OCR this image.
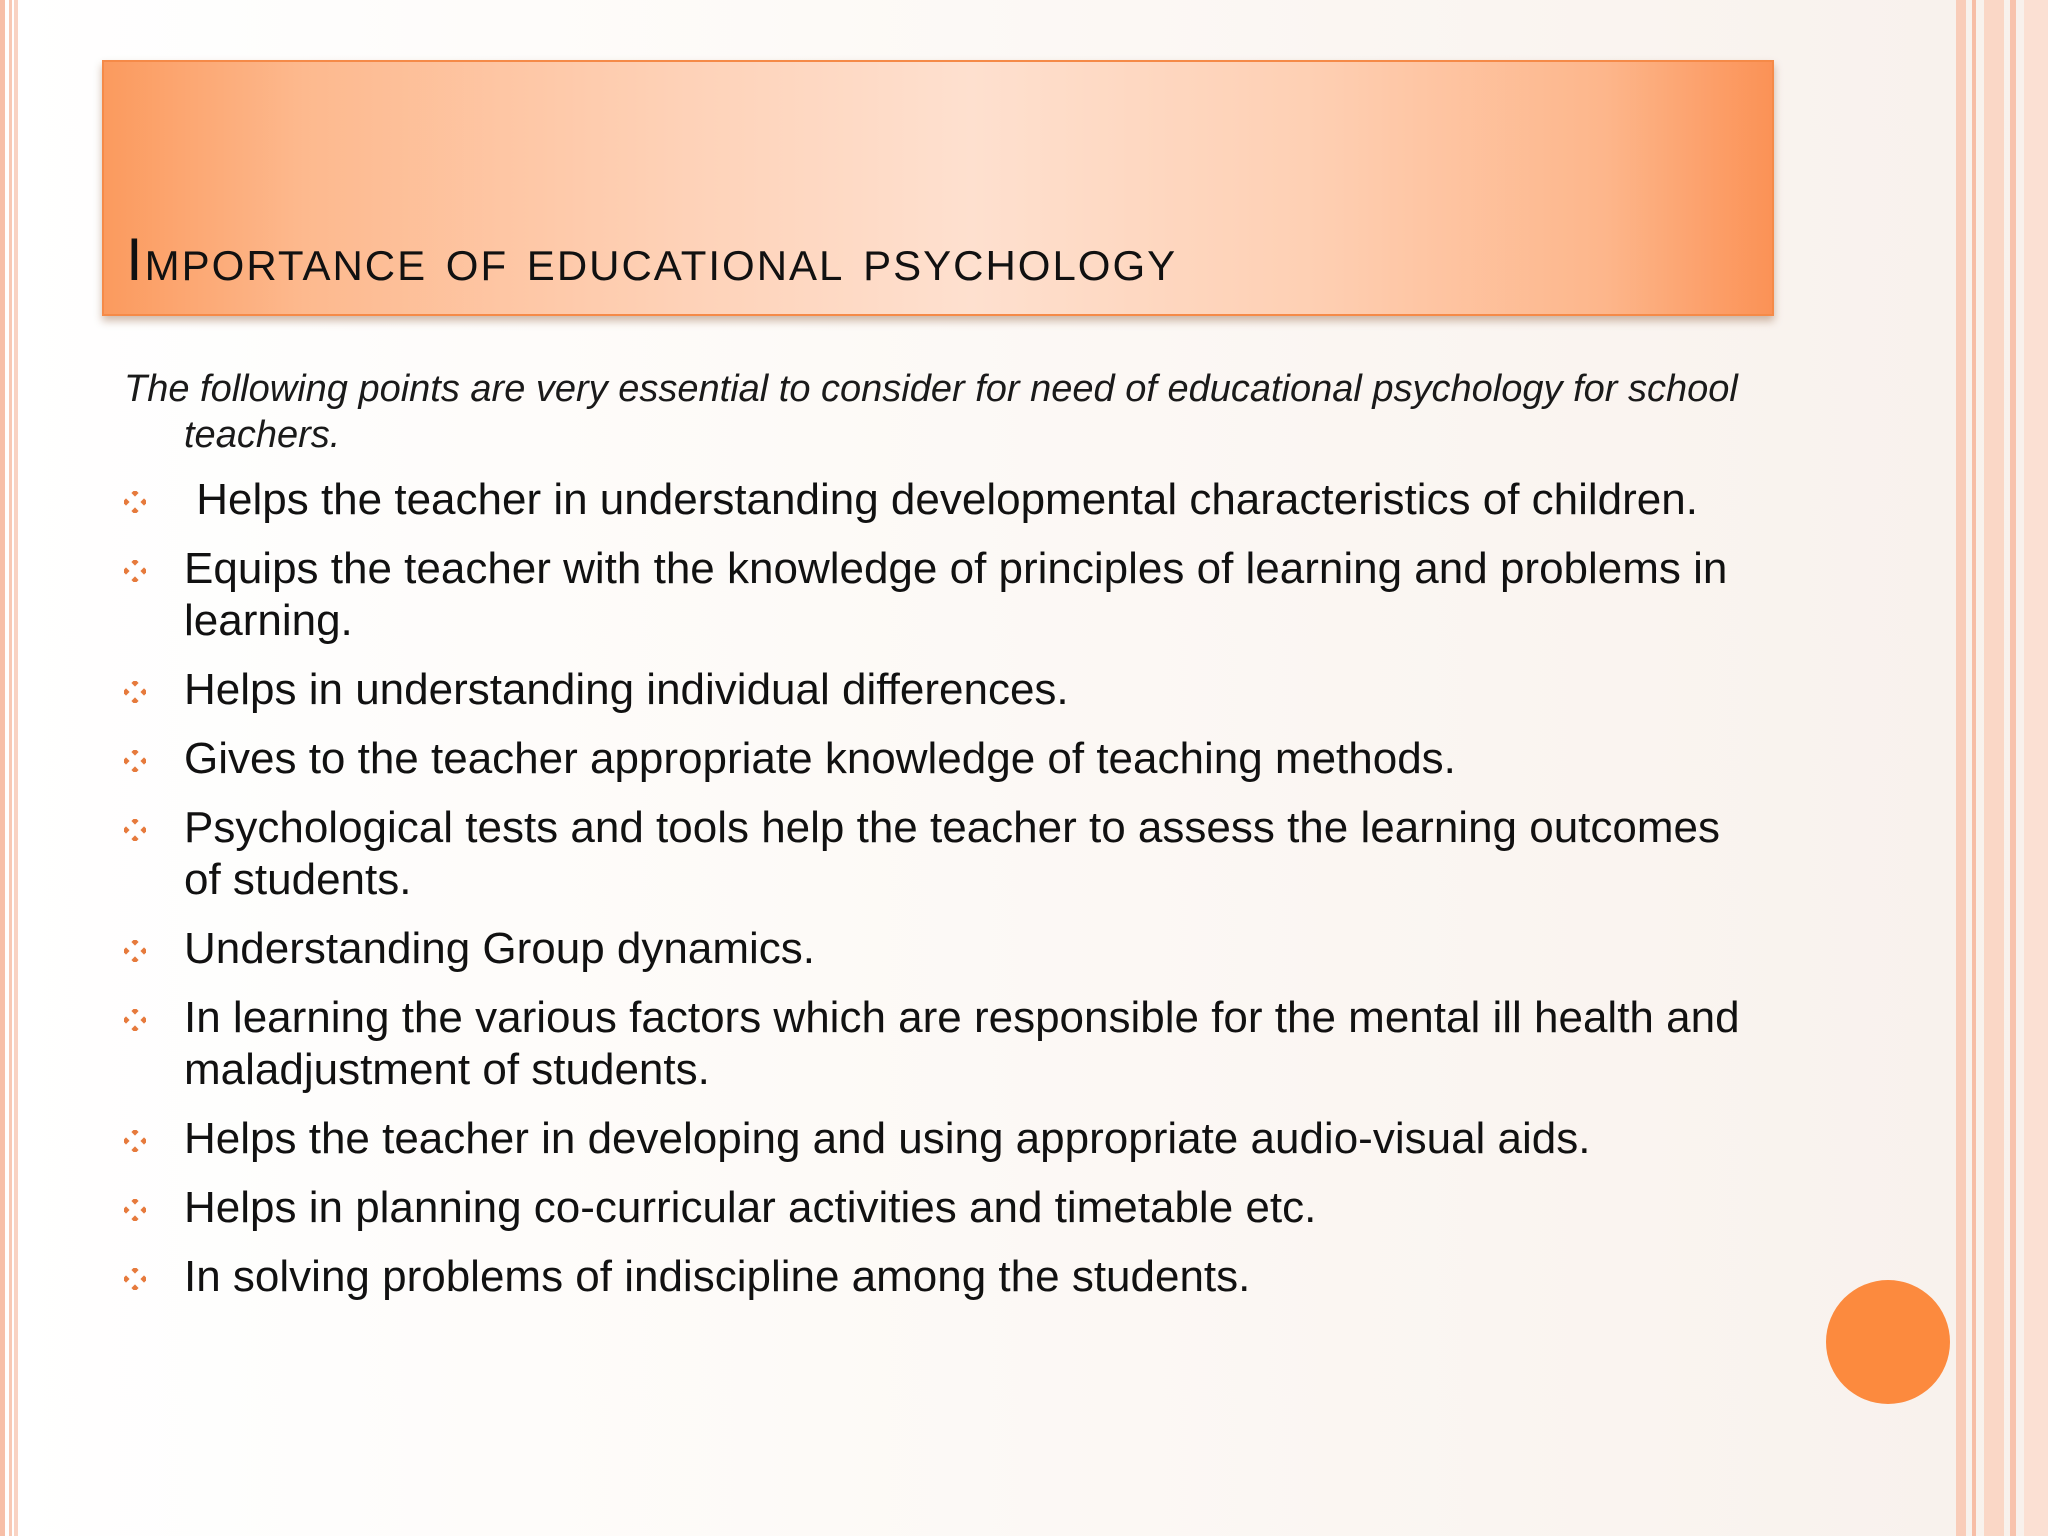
Importance of educational psychology

The following points are very essential to consider for need of educational psychology for school teachers.

Helps the teacher in understanding developmental characteristics of children.
Equips the teacher with the knowledge of principles of learning and problems in learning.
Helps in understanding individual differences.
Gives to the teacher appropriate knowledge of teaching methods.
Psychological tests and tools help the teacher to assess the learning outcomes of students.
Understanding Group dynamics.
In learning the various factors which are responsible for the mental ill health and maladjustment of students.
Helps the teacher in developing and using appropriate audio-visual aids.
Helps in planning co-curricular activities and timetable etc.
In solving problems of indiscipline among the students.
